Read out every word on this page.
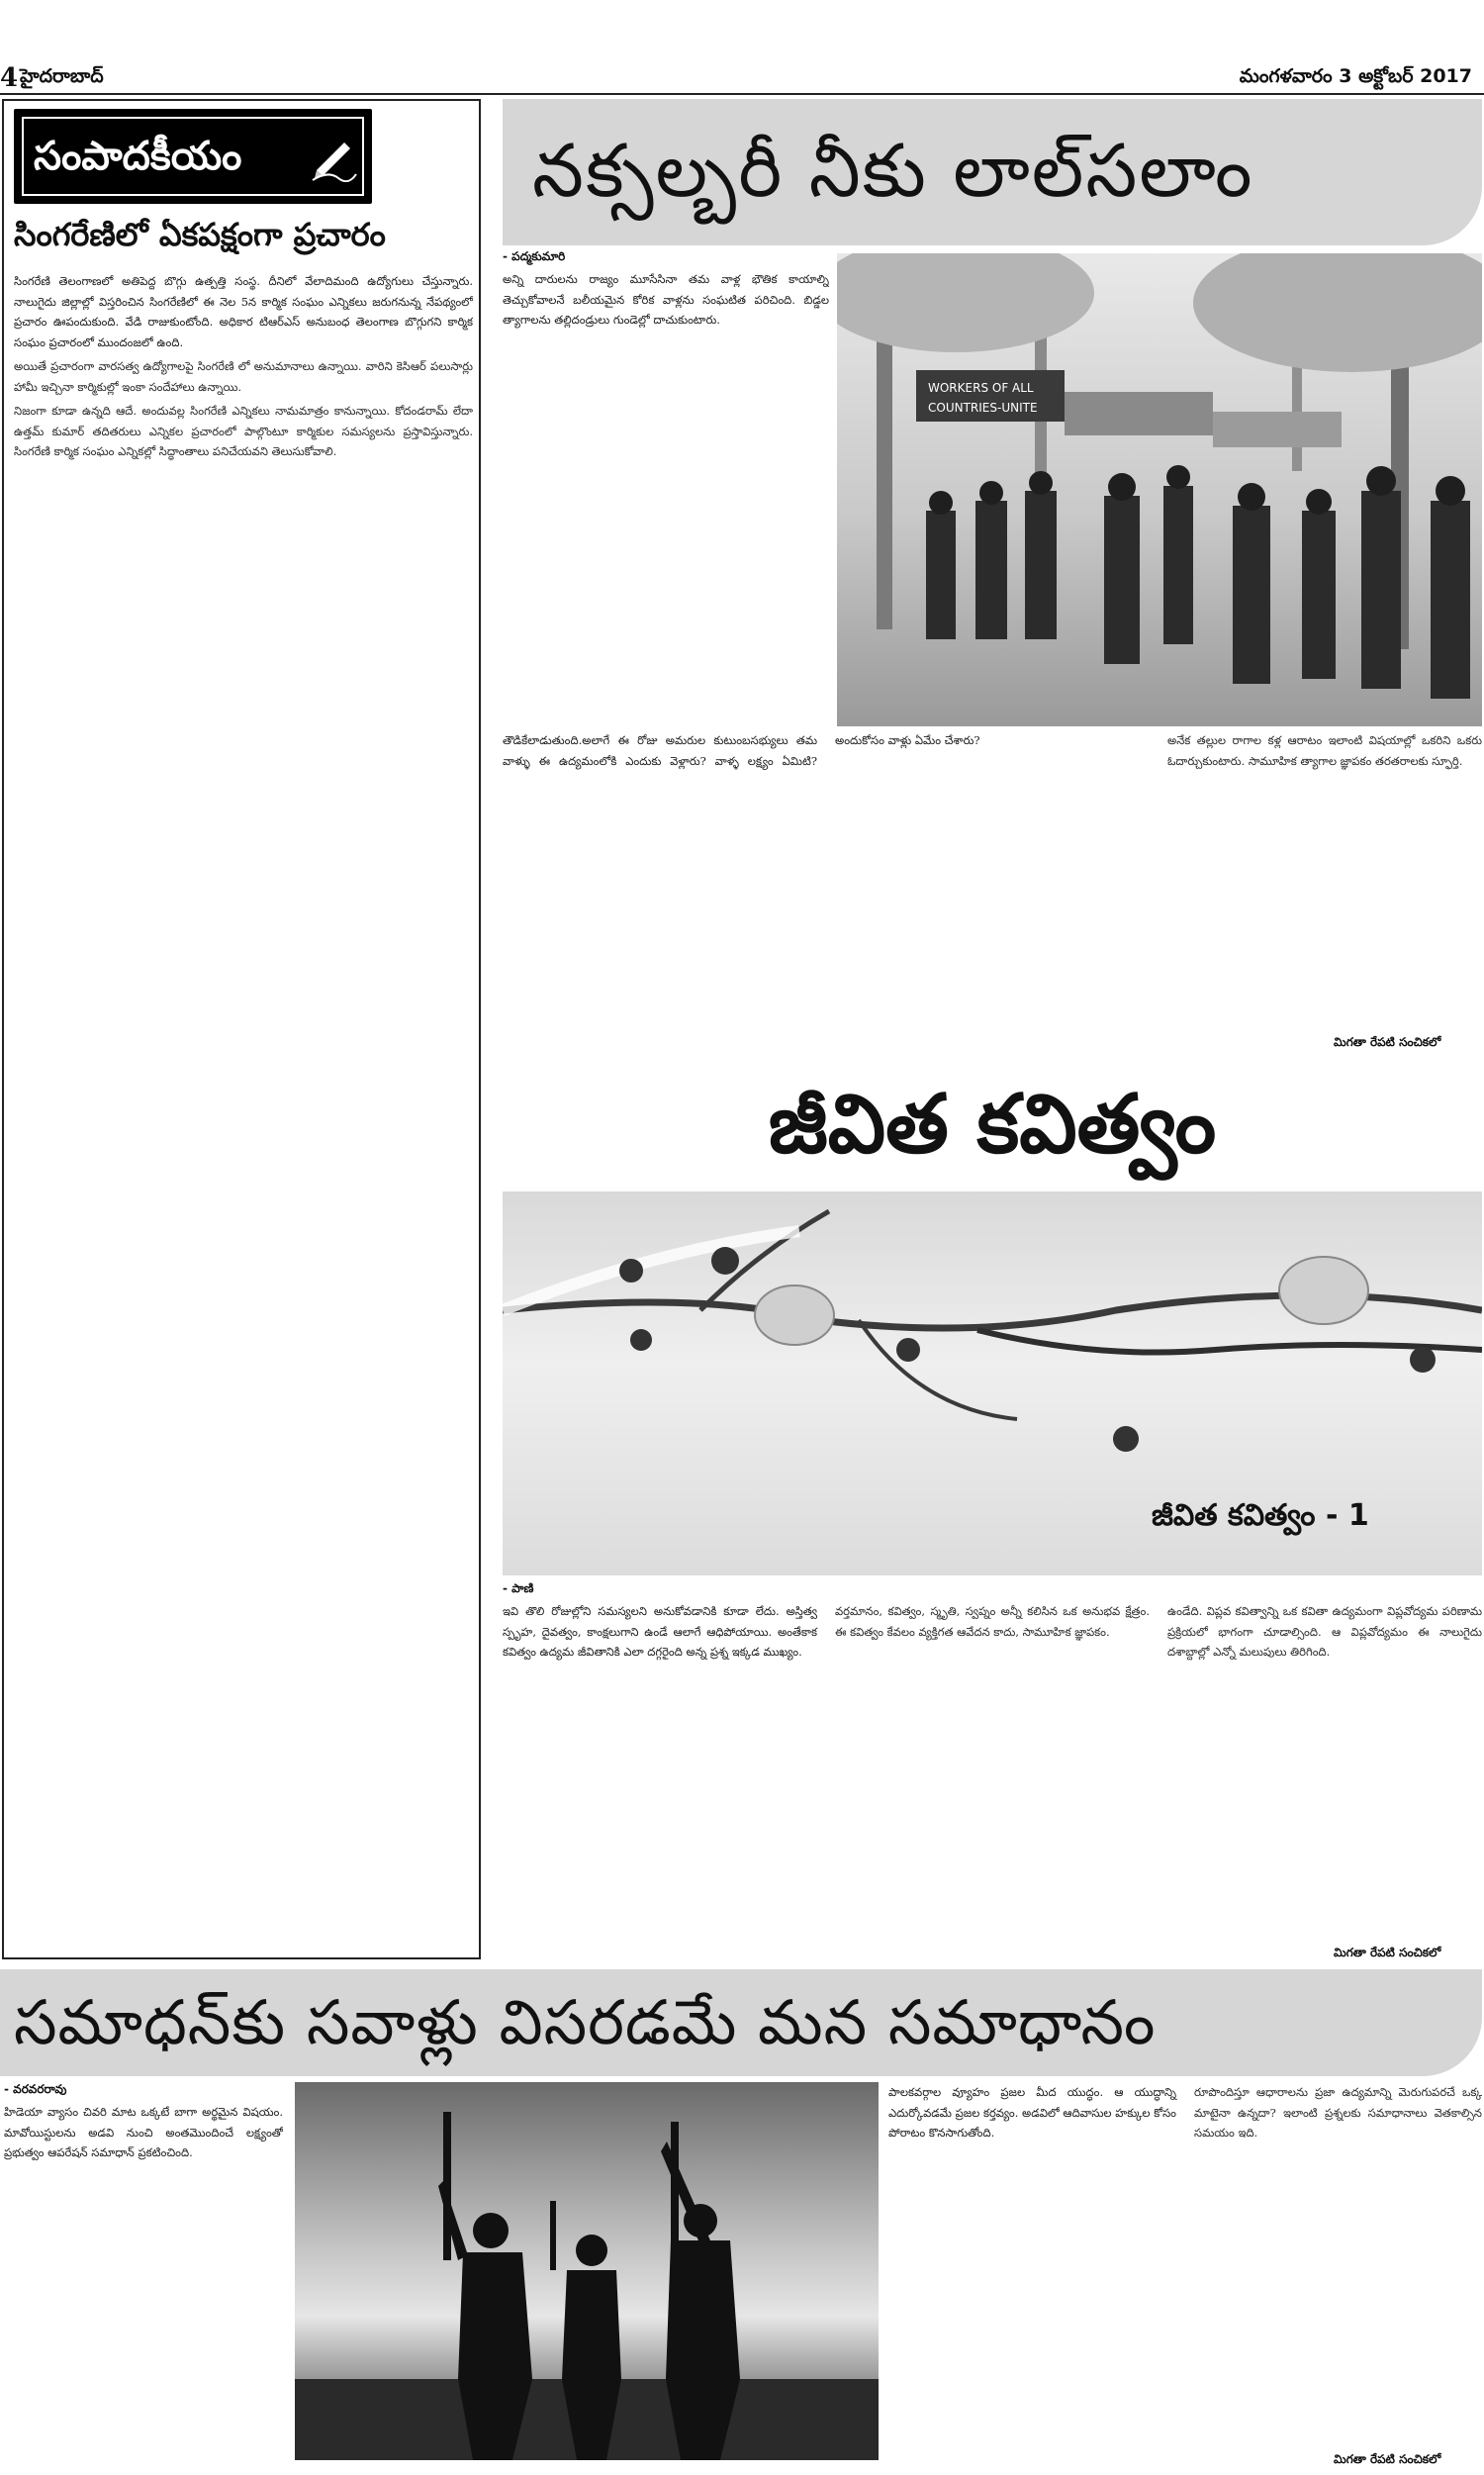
4 హైదరాబాద్	మంగళవారం 3 అక్టోబర్ 2017
సంపాదకీయం
సింగరేణిలో ఏకపక్షంగా ప్రచారం

సింగరేణి తెలంగాణలో అతిపెద్ద బొగ్గు ఉత్పత్తి సంస్థ. దీనిలో వేలాదిమంది ఉద్యోగులు చేస్తున్నారు. నాలుగైదు జిల్లాల్లో విస్తరించిన సింగరేణిలో ఈ నెల 5న కార్మిక సంఘం ఎన్నికలు జరుగనున్న నేపథ్యంలో ప్రచారం ఊపందుకుంది. వేడి రాజుకుంటోంది. అధికార టిఆర్‌ఎస్ అనుబంధ తెలంగాణ బొగ్గుగని కార్మిక సంఘం ప్రచారంలో ముందంజలో ఉంది.

అయితే ప్రచారంగా వారసత్వ ఉద్యోగాలపై సింగరేణి లో అనుమానాలు ఉన్నాయి. వారిని కెసిఆర్ పలుసార్లు హామీ ఇచ్చినా కార్మికుల్లో ఇంకా సందేహాలు ఉన్నాయి.

నిజంగా కూడా ఉన్నది ఆదే. అందువల్ల సింగరేణి ఎన్నికలు నామమాత్రం కానున్నాయి. కోదండరామ్ లేదా ఉత్తమ్ కుమార్ తదితరులు ఎన్నికల ప్రచారంలో పాల్గొంటూ కార్మికుల సమస్యలను ప్రస్తావిస్తున్నారు. సింగరేణి కార్మిక సంఘం ఎన్నికల్లో సిద్ధాంతాలు పనిచేయవని తెలుసుకోవాలి.

నక్సల్బరీ నీకు లాల్‌సలాం
- పద్మకుమారి

అన్ని దారులను రాజ్యం మూసేసినా తమ వాళ్ల భౌతిక కాయాల్ని తెచ్చుకోవాలనే బలీయమైన కోరిక వాళ్లను సంఘటిత పరిచింది. బిడ్డల త్యాగాలను తల్లిదండ్రులు గుండెల్లో దాచుకుంటారు.

WORKERS OF ALL
COUNTRIES-UNITE

తౌడికేలాడుతుంది.అలాగే ఈ రోజు అమరుల కుటుంబసభ్యులు తమ వాళ్ళు ఈ ఉద్యమంలోకి ఎందుకు వెళ్లారు? వాళ్ళ లక్ష్యం ఏమిటి? అందుకోసం వాళ్లు ఏమేం చేశారు?	అనేక తల్లుల రాగాల కళ్ల ఆరాటం ఇలాంటి విషయాల్లో ఒకరిని ఒకరు ఓదార్చుకుంటారు. సామూహిక త్యాగాల జ్ఞాపకం తరతరాలకు స్ఫూర్తి.

మిగతా రేపటి సంచికలో
జీవిత కవిత్వం
జీవిత కవిత్వం - 1
- పాణి

ఇవి తొలి రోజుల్లోని సమస్యలని అనుకోవడానికి కూడా లేదు. అస్తిత్వ స్పృహ, దైవత్వం, కాంక్షలుగాని ఉండే ఆలాగే ఆధిపోయాయి. అంతేకాక కవిత్వం ఉద్యమ జీవితానికి ఎలా దగ్గరైంది అన్న ప్రశ్న ఇక్కడ ముఖ్యం.

వర్తమానం, కవిత్వం, స్మృతి, స్వప్నం అన్నీ కలిసిన ఒక అనుభవ క్షేత్రం. ఈ కవిత్వం కేవలం వ్యక్తిగత ఆవేదన కాదు, సామూహిక జ్ఞాపకం.

ఉండేది. విప్లవ కవిత్వాన్ని ఒక కవితా ఉద్యమంగా విప్లవోద్యమ పరిణామ ప్రక్రియలో భాగంగా చూడాల్సింది. ఆ విప్లవోద్యమం ఈ నాలుగైదు దశాబ్దాల్లో ఎన్నో మలుపులు తిరిగింది.

మిగతా రేపటి సంచికలో
సమాధన్‌కు సవాళ్లు విసరడమే మన సమాధానం
- వరవరరావు

హిడెయా వ్యాసం చివరి మాట ఒక్కటే బాగా అర్థమైన విషయం. మావోయిస్టులను అడవి నుంచి అంతమొందించే లక్ష్యంతో ప్రభుత్వం ఆపరేషన్ సమాధాన్ ప్రకటించింది.

పాలకవర్గాల వ్యూహం ప్రజల మీద యుద్ధం. ఆ యుద్ధాన్ని ఎదుర్కోవడమే ప్రజల కర్తవ్యం. అడవిలో ఆదివాసుల హక్కుల కోసం పోరాటం కొనసాగుతోంది.

రూపొందిస్తూ ఆధారాలను ప్రజా ఉద్యమాన్ని మెరుగుపరచే ఒక్క మాటైనా ఉన్నదా? ఇలాంటి ప్రశ్నలకు సమాధానాలు వెతకాల్సిన సమయం ఇది.

మిగతా రేపటి సంచికలో
